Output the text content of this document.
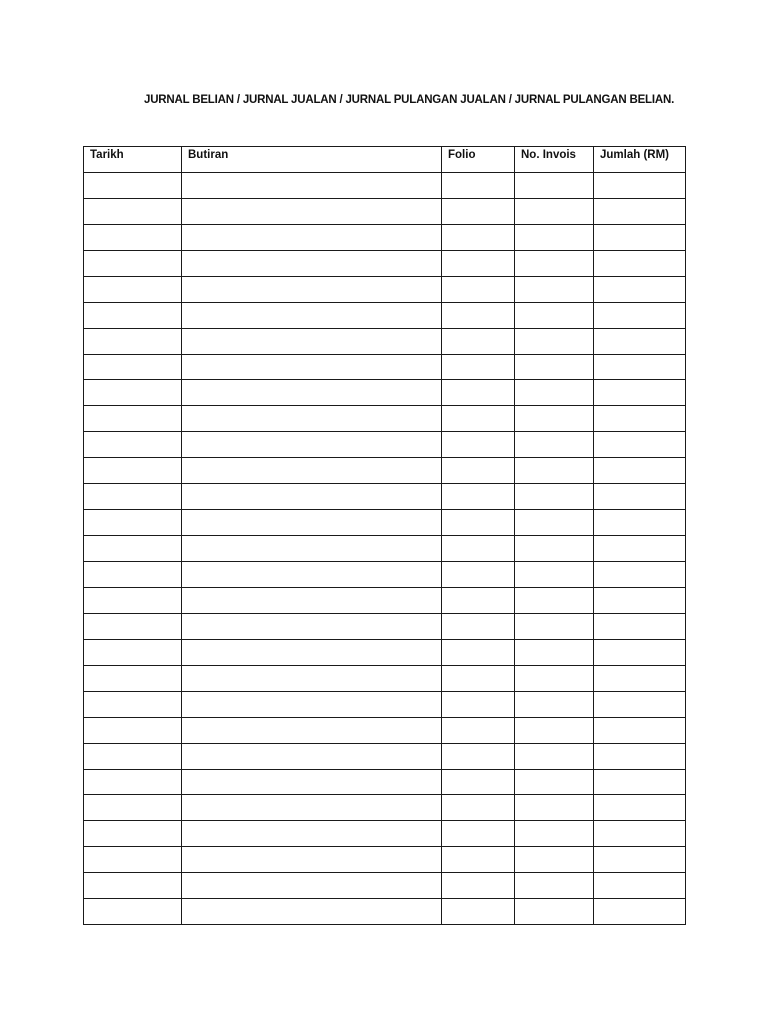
JURNAL BELIAN / JURNAL JUALAN / JURNAL PULANGAN JUALAN / JURNAL PULANGAN BELIAN.
Tarikh	Butiran	Folio	No. Invois	Jumlah (RM)
